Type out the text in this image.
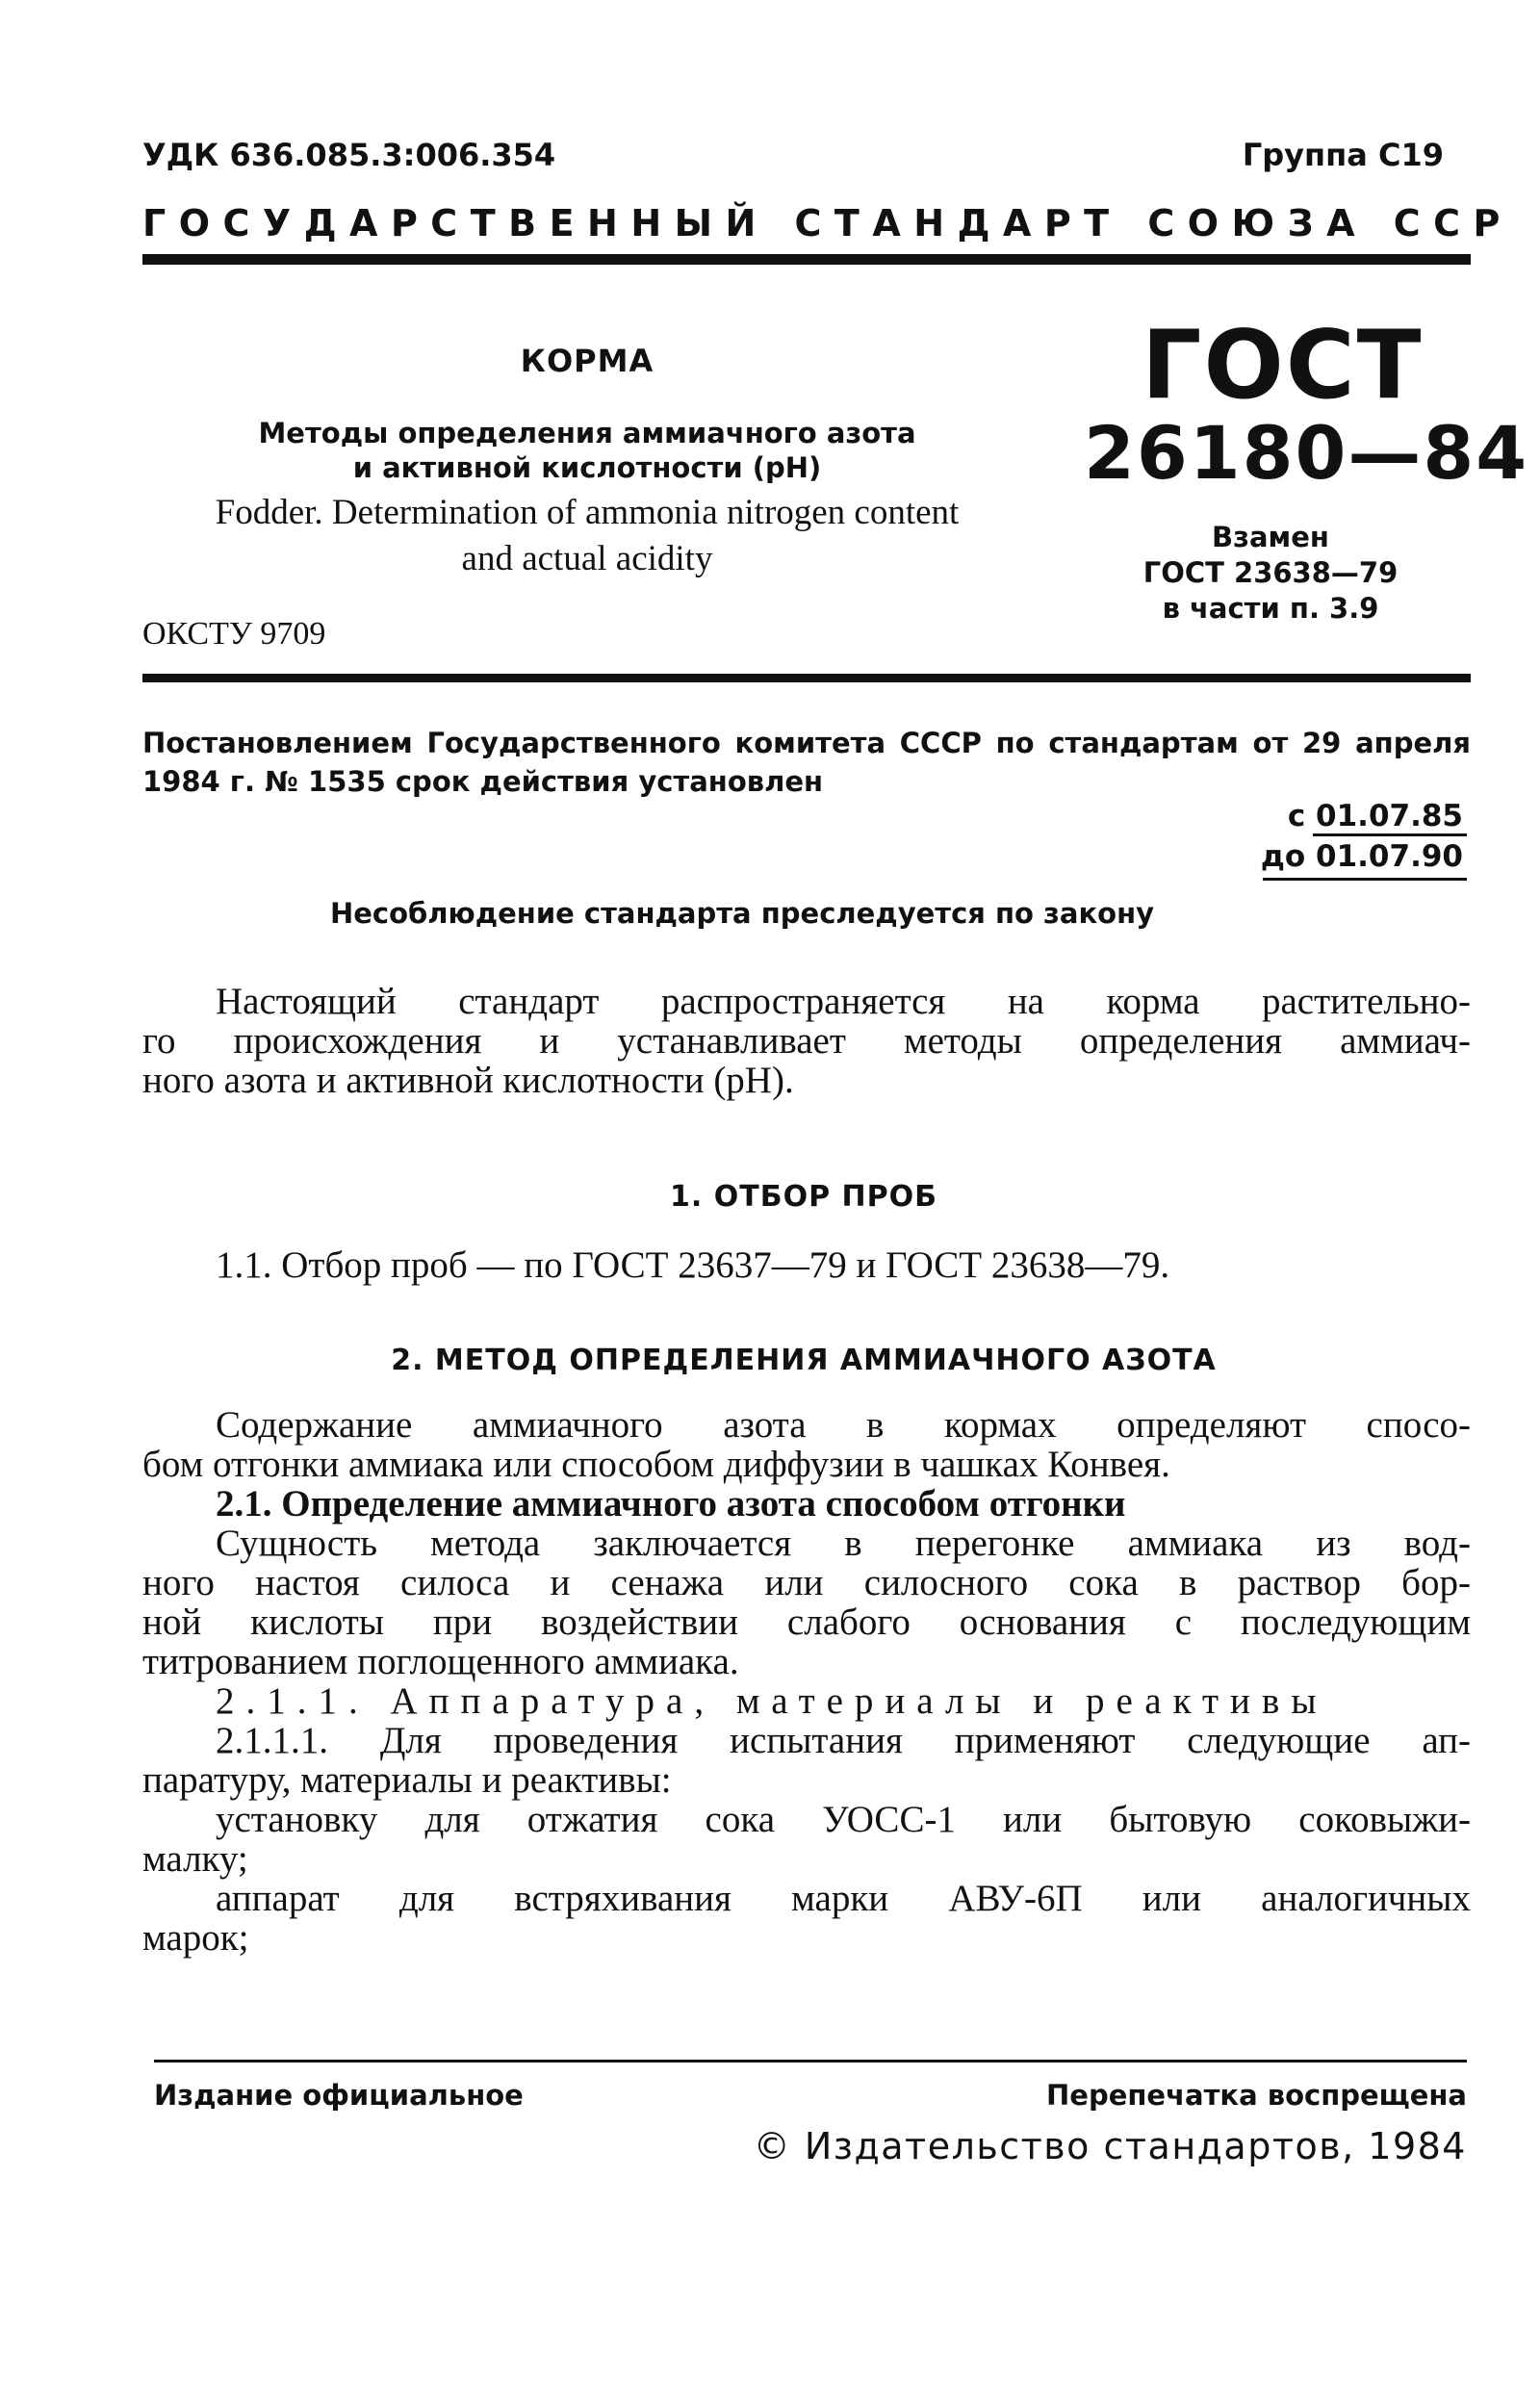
УДК 636.085.3:006.354	Группа С19
ГОСУДАРСТВЕННЫЙ СТАНДАРТ СОЮЗА ССР
КОРМА
Методы определения аммиачного азота
и активной кислотности (рН)
Fodder. Determination of ammonia nitrogen content
and actual acidity
ГОСТ
26180—84
Взамен
ГОСТ 23638—79
в части п. 3.9
ОКСТУ 9709
Постановлением Государственного комитета СССР по стандартам от 29 апреля
1984 г. № 1535 срок действия установлен
с 01.07.85
до 01.07.90
Несоблюдение стандарта преследуется по закону
Настоящий стандарт распространяется на корма растительно-
го происхождения и устанавливает методы определения аммиач-
ного азота и активной кислотности (рН).
1. ОТБОР ПРОБ
1.1. Отбор проб — по ГОСТ 23637—79 и ГОСТ 23638—79.
2. МЕТОД ОПРЕДЕЛЕНИЯ АММИАЧНОГО АЗОТА
Содержание аммиачного азота в кормах определяют спосо-
бом отгонки аммиака или способом диффузии в чашках Конвея.
2.1. Определение аммиачного азота способом отгонки
Сущность метода заключается в перегонке аммиака из вод-
ного настоя силоса и сенажа или силосного сока в раствор бор-
ной кислоты при воздействии слабого основания с последующим
титрованием поглощенного аммиака.
2.1.1. Аппаратура, материалы и реактивы
2.1.1.1. Для проведения испытания применяют следующие ап-
паратуру, материалы и реактивы:
установку для отжатия сока УОСС-1 или бытовую соковыжи-
малку;
аппарат для встряхивания марки АВУ-6П или аналогичных
марок;
Издание официальное	Перепечатка воспрещена
© Издательство стандартов, 1984
